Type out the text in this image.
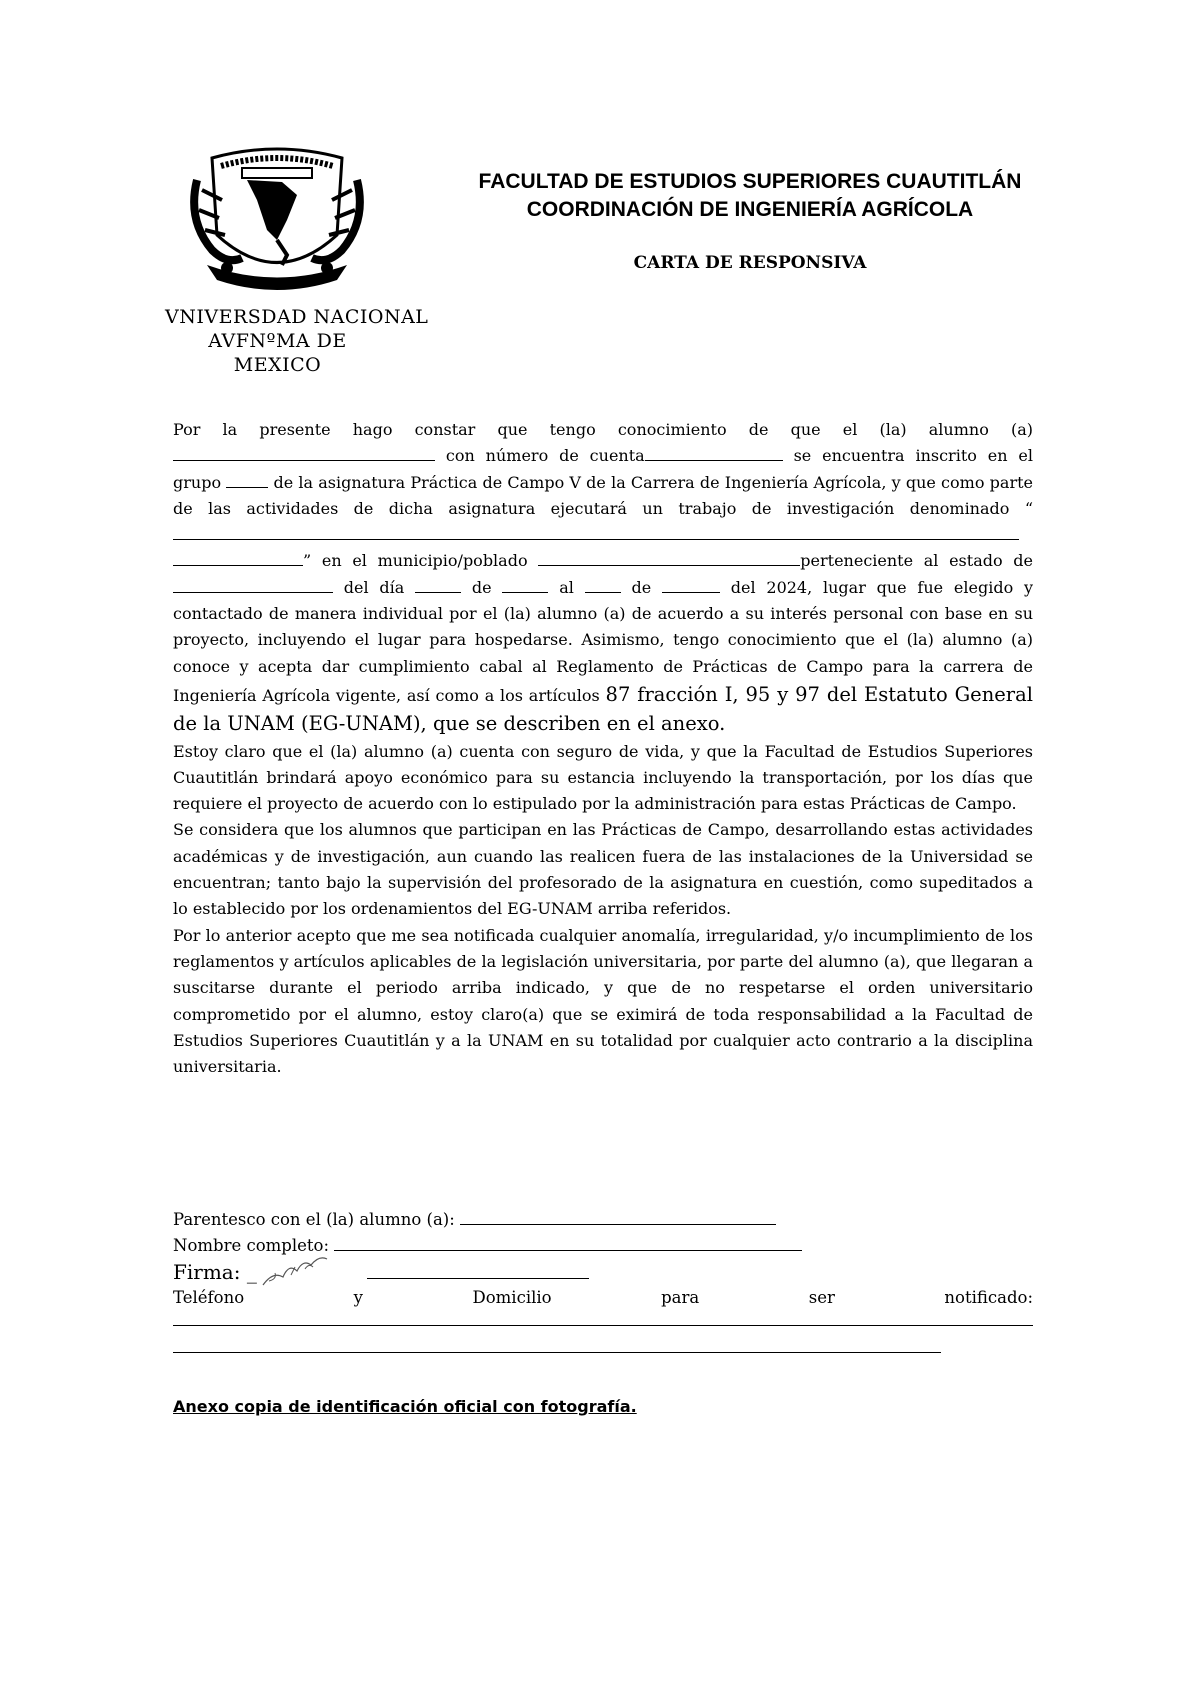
VNIVERSDAD NACIONAL
AVFNºMA DE
MEXICO
FACULTAD DE ESTUDIOS SUPERIORES CUAUTITLÁN
COORDINACIÓN DE INGENIERÍA AGRÍCOLA
CARTA DE RESPONSIVA

Por la presente hago constar que tengo conocimiento de que el (la) alumno (a)  con número de cuenta	se encuentra inscrito en el grupo	de la asignatura Práctica de Campo V de la Carrera de Ingeniería Agrícola, y que como parte de las actividades de dicha asignatura ejecutará un trabajo de investigación denominado “ ” en el municipio/poblado	perteneciente al estado de  del día	de	al	de	del 2024, lugar que fue elegido y contactado de manera individual por el (la) alumno (a) de acuerdo a su interés personal con base en su proyecto, incluyendo el lugar para hospedarse. Asimismo, tengo conocimiento que el (la) alumno (a) conoce y acepta dar cumplimiento cabal al Reglamento de Prácticas de Campo para la carrera de Ingeniería Agrícola vigente, así como a los artículos 87 fracción I, 95 y 97 del Estatuto General de la UNAM (EG-UNAM), que se describen en el anexo.

Estoy claro que el (la) alumno (a) cuenta con seguro de vida, y que la Facultad de Estudios Superiores Cuautitlán brindará apoyo económico para su estancia incluyendo la transportación, por los días que requiere el proyecto de acuerdo con lo estipulado por la administración para estas Prácticas de Campo.

Se considera que los alumnos que participan en las Prácticas de Campo, desarrollando estas actividades académicas y de investigación, aun cuando las realicen fuera de las instalaciones de la Universidad se encuentran; tanto bajo la supervisión del profesorado de la asignatura en cuestión, como supeditados a lo establecido por los ordenamientos del EG-UNAM arriba referidos.

Por lo anterior acepto que me sea notificada cualquier anomalía, irregularidad, y/o incumplimiento de los reglamentos y artículos aplicables de la legislación universitaria, por parte del alumno (a), que llegaran a suscitarse durante el periodo arriba indicado, y que de no respetarse el orden universitario comprometido por el alumno, estoy claro(a) que se eximirá de toda responsabilidad a la Facultad de Estudios Superiores Cuautitlán y a la UNAM en su totalidad por cualquier acto contrario a la disciplina universitaria.

Parentesco con el (la) alumno (a):
Nombre completo:
Firma: _
Teléfono	y	Domicilio	para	ser	notificado:
Anexo copia de identificación oficial con fotografía.
